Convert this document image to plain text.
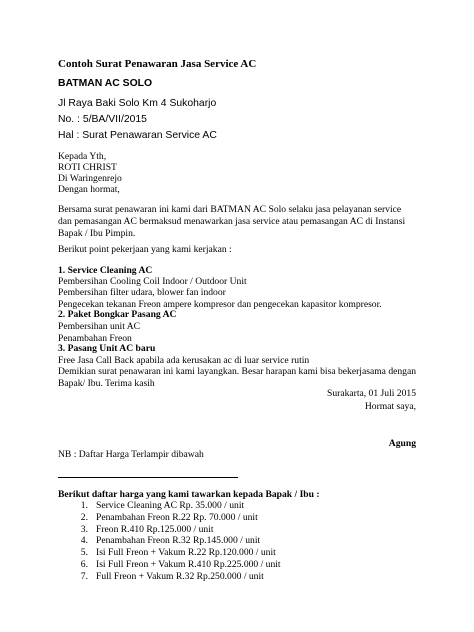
Contoh Surat Penawaran Jasa Service AC
BATMAN AC SOLO
Jl Raya Baki Solo Km 4 Sukoharjo
No. : 5/BA/VII/2015
Hal : Surat Penawaran Service AC
Kepada Yth,
ROTI CHRIST
Di Waringenrejo
Dengan hormat,
Bersama surat penawaran ini kami dari BATMAN AC Solo selaku jasa pelayanan service
dan pemasangan AC bermaksud menawarkan jasa service atau pemasangan AC di Instansi
Bapak / Ibu Pimpin.
Berikut point pekerjaan yang kami kerjakan :
1. Service Cleaning AC
Pembersihan Cooling Coil Indoor / Outdoor Unit
Pembersihan filter udara, blower fan indoor
Pengecekan tekanan Freon ampere kompresor dan pengecekan kapasitor kompresor.
2. Paket Bongkar Pasang AC
Pembersihan unit AC
Penambahan Freon
3. Pasang Unit AC baru
Free Jasa Call Back apabila ada kerusakan ac di luar service rutin
Demikian surat penawaran ini kami layangkan. Besar harapan kami bisa bekerjasama dengan
Bapak/ Ibu. Terima kasih
Surakarta, 01 Juli 2015
Hormat saya,
Agung
NB : Daftar Harga Terlampir dibawah
Berikut daftar harga yang kami tawarkan kepada Bapak / Ibu :
1. Service Cleaning AC Rp. 35.000 / unit
2. Penambahan Freon R.22 Rp. 70.000 / unit
3. Freon R.410 Rp.125.000 / unit
4. Penambahan Freon R.32 Rp.145.000 / unit
5. Isi Full Freon + Vakum R.22 Rp.120.000 / unit
6. Isi Full Freon + Vakum R.410 Rp.225.000 / unit
7. Full Freon + Vakum R.32 Rp.250.000 / unit
